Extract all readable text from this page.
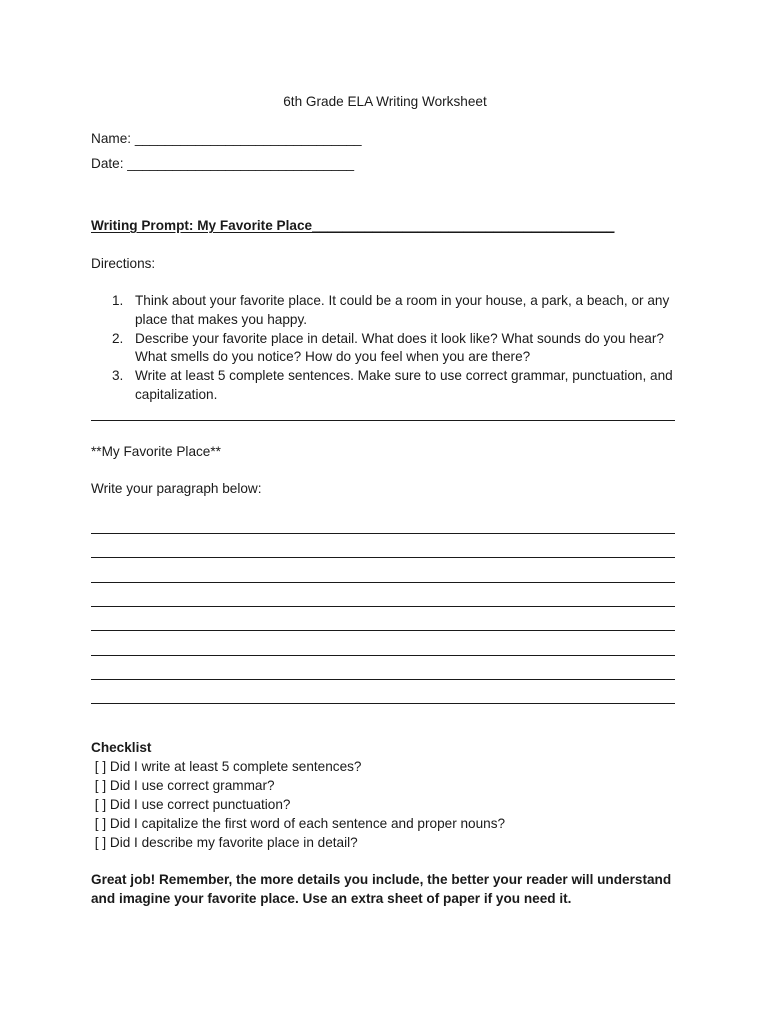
6th Grade ELA Writing Worksheet
Name: ______________________________
Date: ______________________________
Writing Prompt: My Favorite Place________________________________________
Directions:
1. Think about your favorite place. It could be a room in your house, a park, a beach, or any place that makes you happy.
2. Describe your favorite place in detail. What does it look like? What sounds do you hear? What smells do you notice? How do you feel when you are there?
3. Write at least 5 complete sentences. Make sure to use correct grammar, punctuation, and capitalization.
**My Favorite Place**
Write your paragraph below:
Checklist
[ ] Did I write at least 5 complete sentences?
[ ] Did I use correct grammar?
[ ] Did I use correct punctuation?
[ ] Did I capitalize the first word of each sentence and proper nouns?
[ ] Did I describe my favorite place in detail?
Great job! Remember, the more details you include, the better your reader will understand and imagine your favorite place. Use an extra sheet of paper if you need it.
